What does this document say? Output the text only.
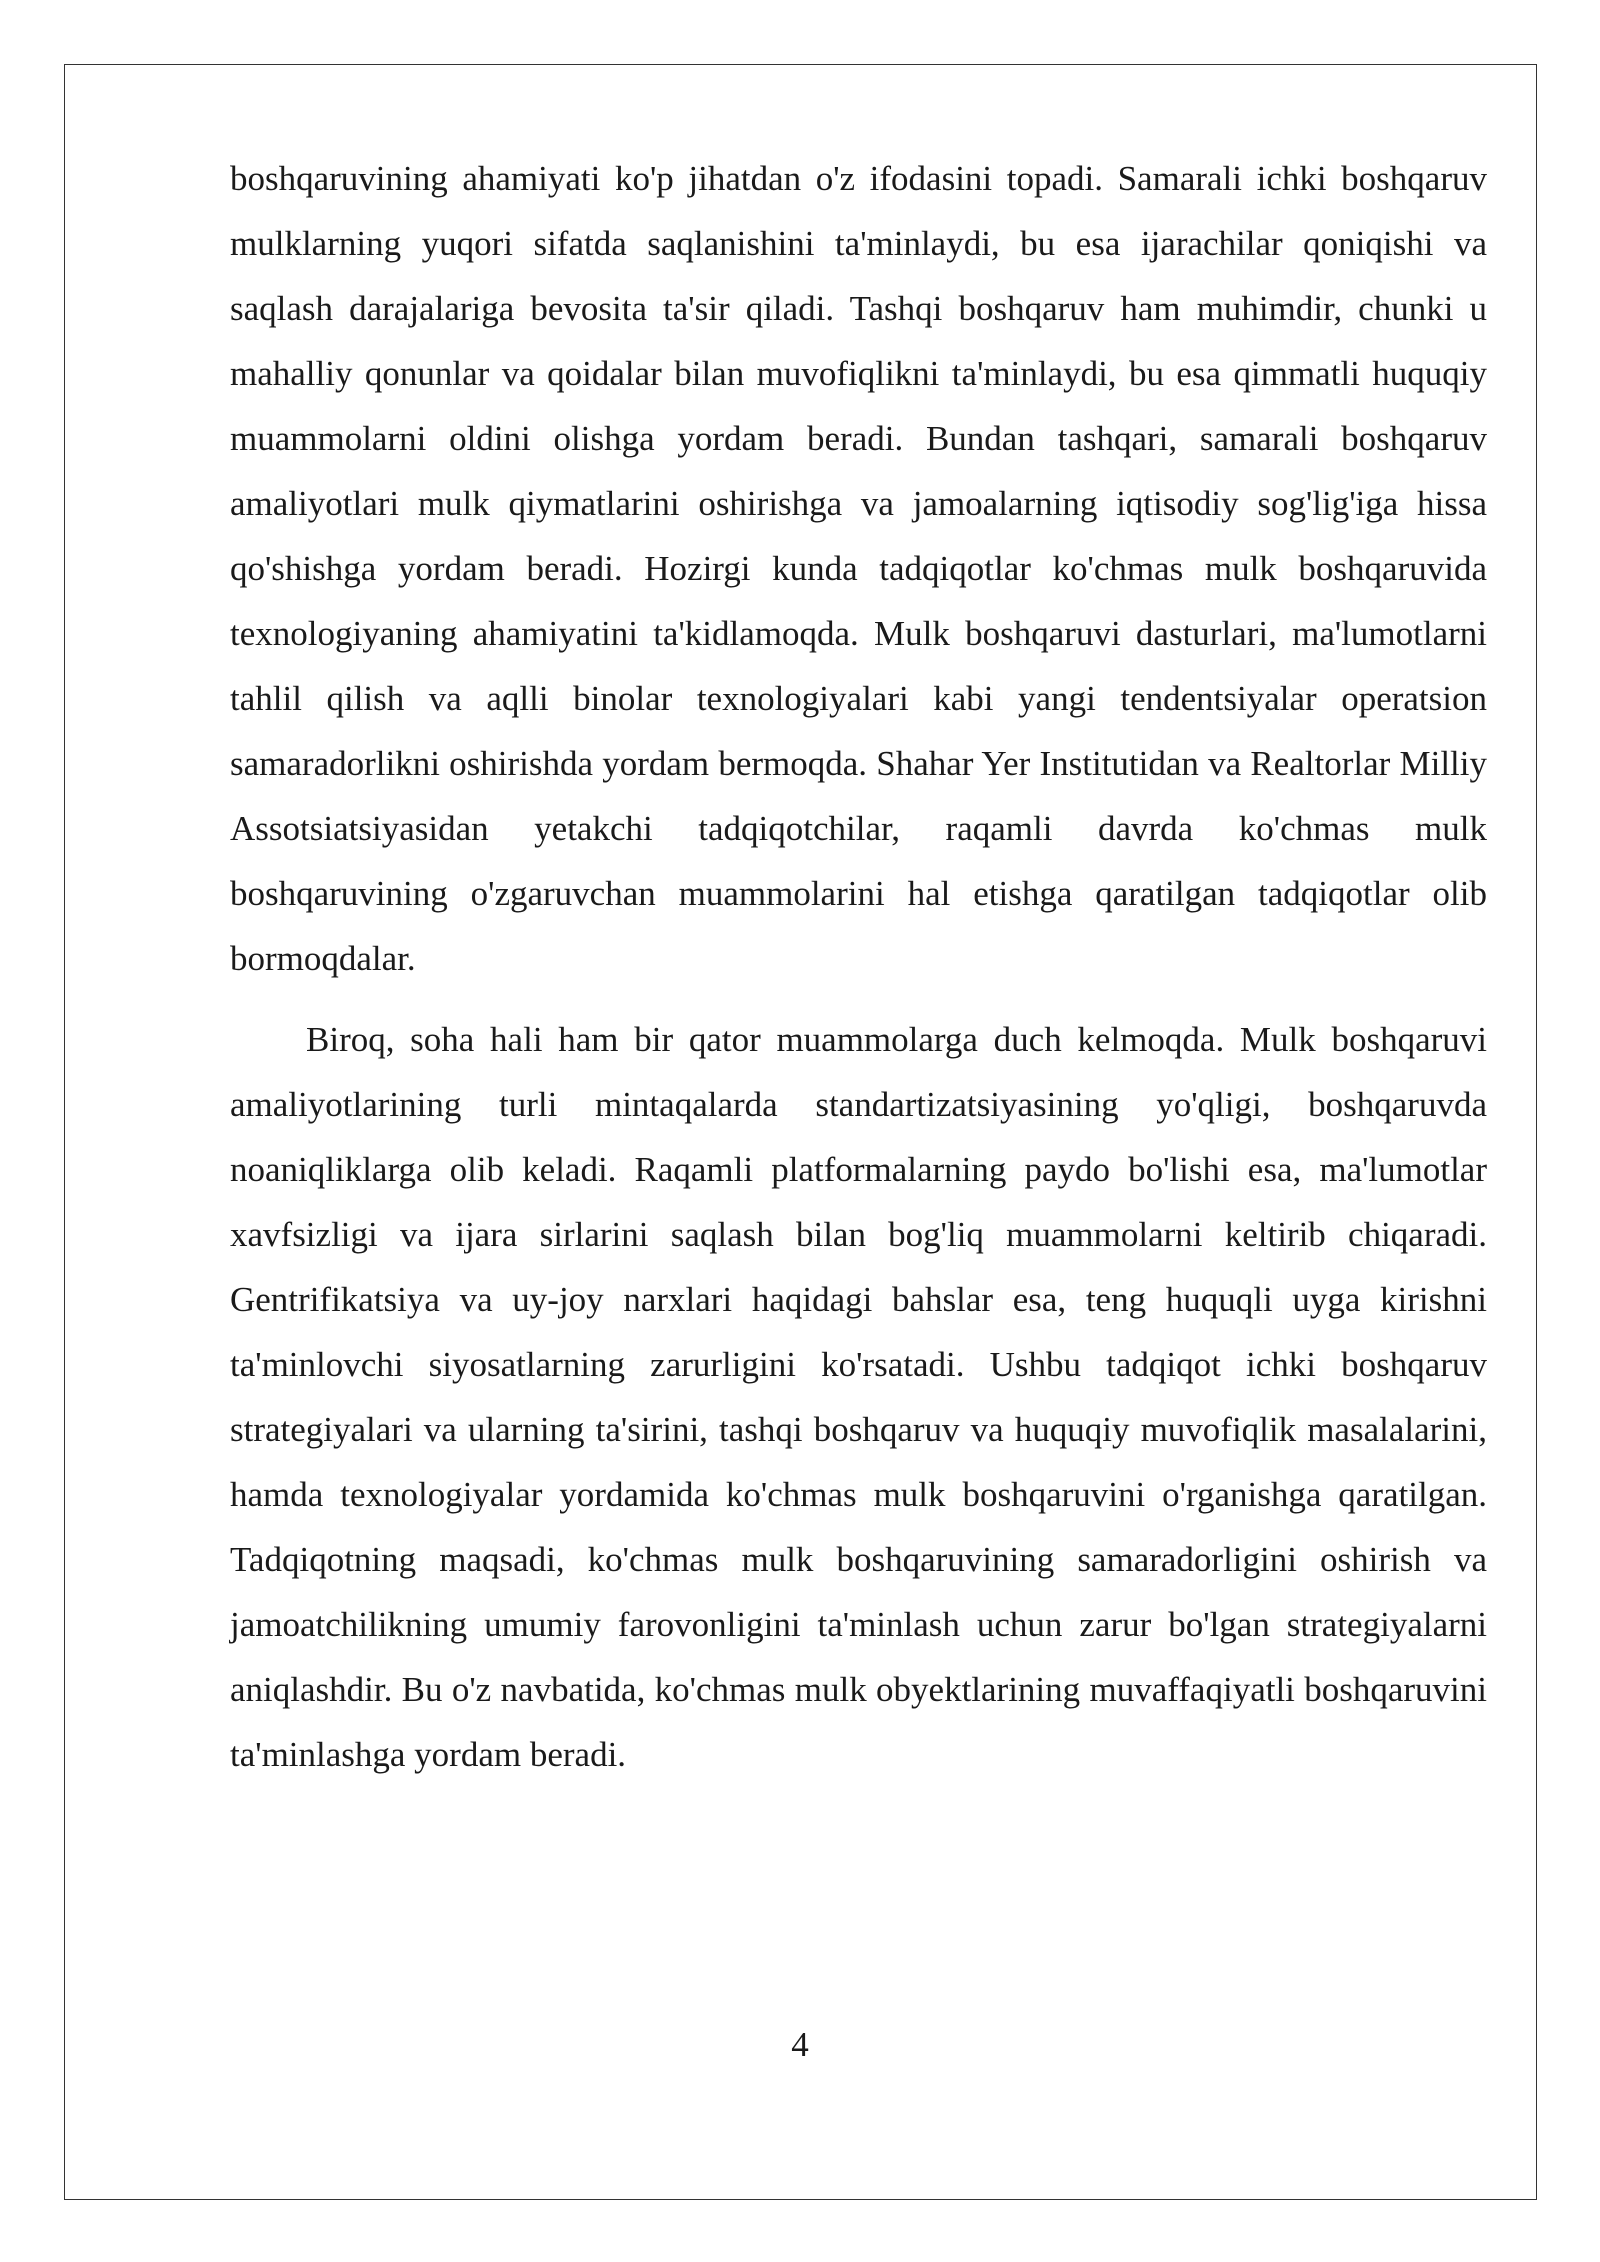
boshqaruvining ahamiyati ko'p jihatdan o'z ifodasini topadi. Samarali ichki boshqaruv mulklarning yuqori sifatda saqlanishini ta'minlaydi, bu esa ijarachilar qoniqishi va saqlash darajalariga bevosita ta'sir qiladi. Tashqi boshqaruv ham muhimdir, chunki u mahalliy qonunlar va qoidalar bilan muvofiqlikni ta'minlaydi, bu esa qimmatli huquqiy muammolarni oldini olishga yordam beradi. Bundan tashqari, samarali boshqaruv amaliyotlari mulk qiymatlarini oshirishga va jamoalarning iqtisodiy sog'lig'iga hissa qo'shishga yordam beradi. Hozirgi kunda tadqiqotlar ko'chmas mulk boshqaruvida texnologiyaning ahamiyatini ta'kidlamoqda. Mulk boshqaruvi dasturlari, ma'lumotlarni tahlil qilish va aqlli binolar texnologiyalari kabi yangi tendentsiyalar operatsion samaradorlikni oshirishda yordam bermoqda. Shahar Yer Institutidan va Realtorlar Milliy Assotsiatsiyasidan yetakchi tadqiqotchilar, raqamli davrda ko'chmas mulk boshqaruvining o'zgaruvchan muammolarini hal etishga qaratilgan tadqiqotlar olib bormoqdalar.

Biroq, soha hali ham bir qator muammolarga duch kelmoqda. Mulk boshqaruvi amaliyotlarining turli mintaqalarda standartizatsiyasining yo'qligi, boshqaruvda noaniqliklarga olib keladi. Raqamli platformalarning paydo bo'lishi esa, ma'lumotlar xavfsizligi va ijara sirlarini saqlash bilan bog'liq muammolarni keltirib chiqaradi. Gentrifikatsiya va uy-joy narxlari haqidagi bahslar esa, teng huquqli uyga kirishni ta'minlovchi siyosatlarning zarurligini ko'rsatadi. Ushbu tadqiqot ichki boshqaruv strategiyalari va ularning ta'sirini, tashqi boshqaruv va huquqiy muvofiqlik masalalarini, hamda texnologiyalar yordamida ko'chmas mulk boshqaruvini o'rganishga qaratilgan. Tadqiqotning maqsadi, ko'chmas mulk boshqaruvining samaradorligini oshirish va jamoatchilikning umumiy farovonligini ta'minlash uchun zarur bo'lgan strategiyalarni aniqlashdir. Bu o'z navbatida, ko'chmas mulk obyektlarining muvaffaqiyatli boshqaruvini ta'minlashga yordam beradi.

4
